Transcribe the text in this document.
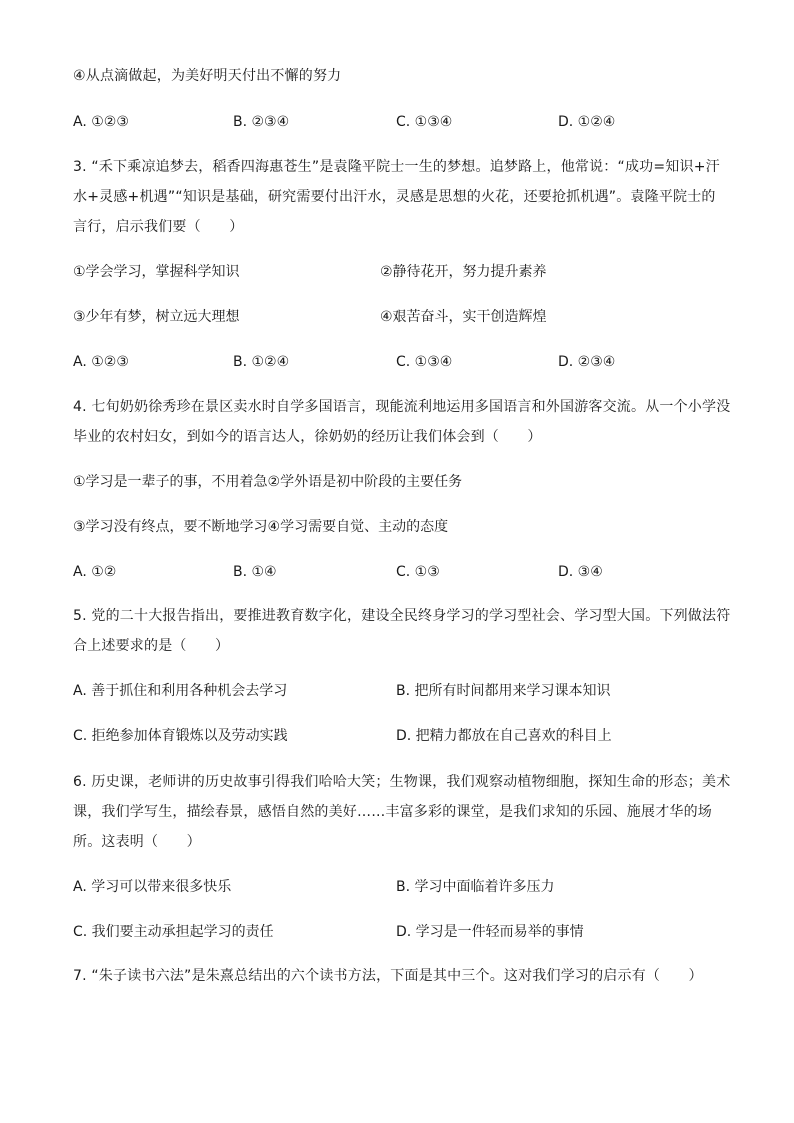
④从点滴做起，为美好明天付出不懈的努力
A. ①②③	B. ②③④	C. ①③④	D. ①②④
3. “禾下乘凉追梦去，稻香四海惠苍生”是袁隆平院士一生的梦想。追梦路上，他常说：“成功=知识+汗
水+灵感+机遇”“知识是基础，研究需要付出汗水，灵感是思想的火花，还要抢抓机遇”。袁隆平院士的
言行，启示我们要（　　）
①学会学习，掌握科学知识	②静待花开，努力提升素养
③少年有梦，树立远大理想	④艰苦奋斗，实干创造辉煌
A. ①②③	B. ①②④	C. ①③④	D. ②③④
4. 七旬奶奶徐秀珍在景区卖水时自学多国语言，现能流利地运用多国语言和外国游客交流。从一个小学没
毕业的农村妇女，到如今的语言达人，徐奶奶的经历让我们体会到（　　）
①学习是一辈子的事，不用着急②学外语是初中阶段的主要任务
③学习没有终点，要不断地学习④学习需要自觉、主动的态度
A. ①②	B. ①④	C. ①③	D. ③④
5. 党的二十大报告指出，要推进教育数字化，建设全民终身学习的学习型社会、学习型大国。下列做法符
合上述要求的是（　　）
A. 善于抓住和利用各种机会去学习	B. 把所有时间都用来学习课本知识
C. 拒绝参加体育锻炼以及劳动实践	D. 把精力都放在自己喜欢的科目上
6. 历史课，老师讲的历史故事引得我们哈哈大笑；生物课，我们观察动植物细胞，探知生命的形态；美术
课，我们学写生，描绘春景，感悟自然的美好……丰富多彩的课堂，是我们求知的乐园、施展才华的场
所。这表明（　　）
A. 学习可以带来很多快乐	B. 学习中面临着许多压力
C. 我们要主动承担起学习的责任	D. 学习是一件轻而易举的事情
7. “朱子读书六法”是朱熹总结出的六个读书方法，下面是其中三个。这对我们学习的启示有（　　）
